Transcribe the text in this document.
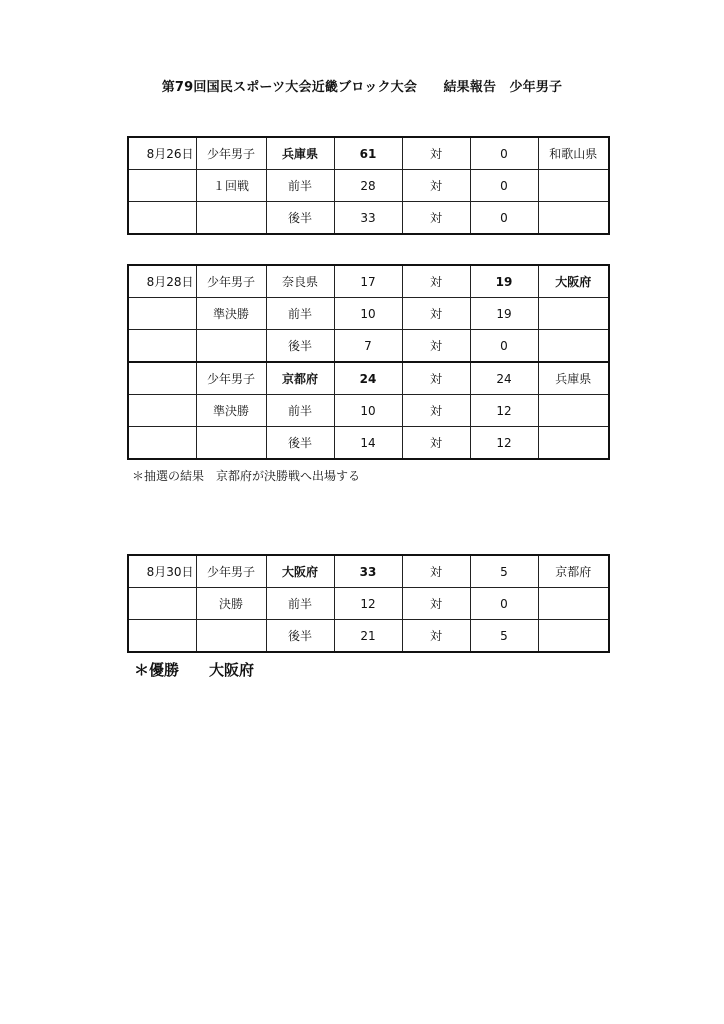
第79回国民スポーツ大会近畿ブロック大会　　結果報告　少年男子
8月26日	少年男子	兵庫県	61	対	0	和歌山県
	１回戦	前半	28	対	0	
		後半	33	対	0	
8月28日	少年男子	奈良県	17	対	19	大阪府
	準決勝	前半	10	対	19	
		後半	7	対	0	
	少年男子	京都府	24	対	24	兵庫県
	準決勝	前半	10	対	12	
		後半	14	対	12	
＊抽選の結果　京都府が決勝戦へ出場する
8月30日	少年男子	大阪府	33	対	5	京都府
	決勝	前半	12	対	0	
		後半	21	対	5	
＊優勝　　 大阪府
